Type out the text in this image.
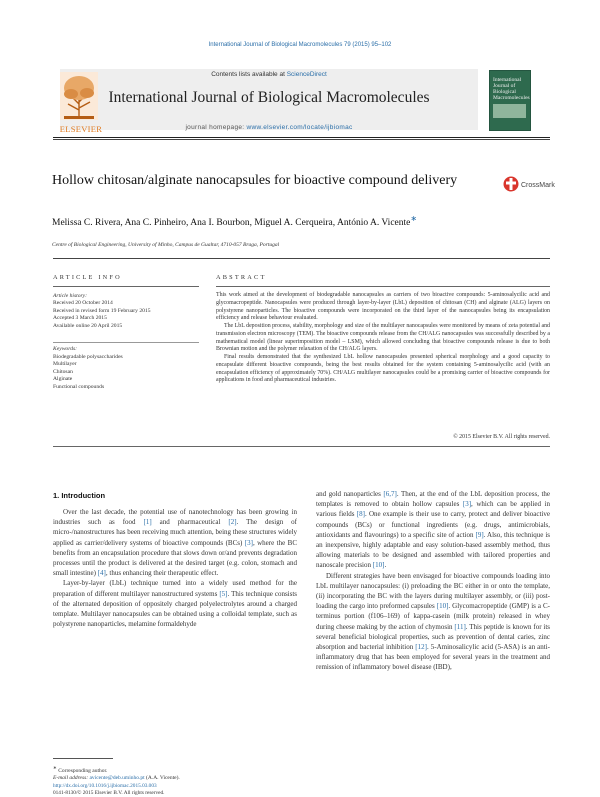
International Journal of Biological Macromolecules 79 (2015) 95–102
Contents lists available at ScienceDirect
International Journal of Biological Macromolecules
journal homepage: www.elsevier.com/locate/ijbiomac
ELSEVIER
International Journal of Biological Macromolecules
Hollow chitosan/alginate nanocapsules for bioactive compound delivery	CrossMark
Melissa C. Rivera, Ana C. Pinheiro, Ana I. Bourbon, Miguel A. Cerqueira, António A. Vicente∗
Centre of Biological Engineering, University of Minho, Campus de Gualtar, 4710-057 Braga, Portugal
ARTICLE INFO	ABSTRACT
Article history:
Received 20 October 2014
Received in revised form 19 February 2015
Accepted 3 March 2015
Available online 20 April 2015
Keywords:
Biodegradable polysaccharides
Multilayer
Chitosan
Alginate
Functional compounds

This work aimed at the development of biodegradable nanocapsules as carriers of two bioactive compounds: 5-aminosalycilic acid and glycomacropeptide. Nanocapsules were produced through layer-by-layer (LbL) deposition of chitosan (CH) and alginate (ALG) layers on polystyrene nanoparticles. The bioactive compounds were incorporated on the third layer of the nanocapsules being its encapsulation efficiency and release behaviour evaluated.

The LbL deposition process, stability, morphology and size of the multilayer nanocapsules were monitored by means of zeta potential and transmission electron microscopy (TEM). The bioactive compounds release from the CH/ALG nanocapsules was successfully described by a mathematical model (linear superimposition model – LSM), which allowed concluding that bioactive compounds release is due to both Brownian motion and the polymer relaxation of the CH/ALG layers.

Final results demonstrated that the synthesized LbL hollow nanocapsules presented spherical morphology and a good capacity to encapsulate different bioactive compounds, being the best results obtained for the system containing 5-aminosalycilic acid (with an encapsulation efficiency of approximately 70%). CH/ALG multilayer nanocapsules could be a promising carrier of bioactive compounds for applications in food and pharmaceutical industries.

© 2015 Elsevier B.V. All rights reserved.
1. Introduction

Over the last decade, the potential use of nanotechnology has been growing in industries such as food [1] and pharmaceutical [2]. The design of micro-/nanostructures has been receiving much attention, being these structures widely applied as carrier/delivery systems of bioactive compounds (BCs) [3], where the BC benefits from an encapsulation procedure that slows down or/and prevents degradation processes until the product is delivered at the desired target (e.g. colon, stomach and small intestine) [4], thus enhancing their therapeutic effect.

Layer-by-layer (LbL) technique turned into a widely used method for the preparation of different multilayer nanostructured systems [5]. This technique consists of the alternated deposition of oppositely charged polyelectrolytes around a charged template. Multilayer nanocapsules can be obtained using a colloidal template, such as polystyrene nanoparticles, melamine formaldehyde

and gold nanoparticles [6,7]. Then, at the end of the LbL deposition process, the templates is removed to obtain hollow capsules [3], which can be applied in various fields [8]. One example is their use to carry, protect and deliver bioactive compounds (BCs) or functional ingredients (e.g. drugs, antimicrobials, antioxidants and flavourings) to a specific site of action [9]. Also, this technique is an inexpensive, highly adaptable and easy solution-based assembly method, thus allowing materials to be designed and assembled with tailored properties and nanoscale precision [10].

Different strategies have been envisaged for bioactive compounds loading into LbL multilayer nanocapsules: (i) preloading the BC either in or onto the template, (ii) incorporating the BC with the layers during multilayer assembly, or (iii) post-loading the cargo into preformed capsules [10]. Glycomacropeptide (GMP) is a C-terminus portion (f106–169) of kappa-casein (milk protein) released in whey during cheese making by the action of chymosin [11]. This peptide is known for its several beneficial biological properties, such as prevention of dental caries, zinc absorption and bacterial inhibition [12]. 5-Aminosalicylic acid (5-ASA) is an anti-inflammatory drug that has been employed for several years in the treatment and remission of inflammatory bowel disease (IBD),

∗ Corresponding author.
E-mail address: avicente@deb.uminho.pt (A.A. Vicente).
http://dx.doi.org/10.1016/j.ijbiomac.2015.03.003
0141-8130/© 2015 Elsevier B.V. All rights reserved.
